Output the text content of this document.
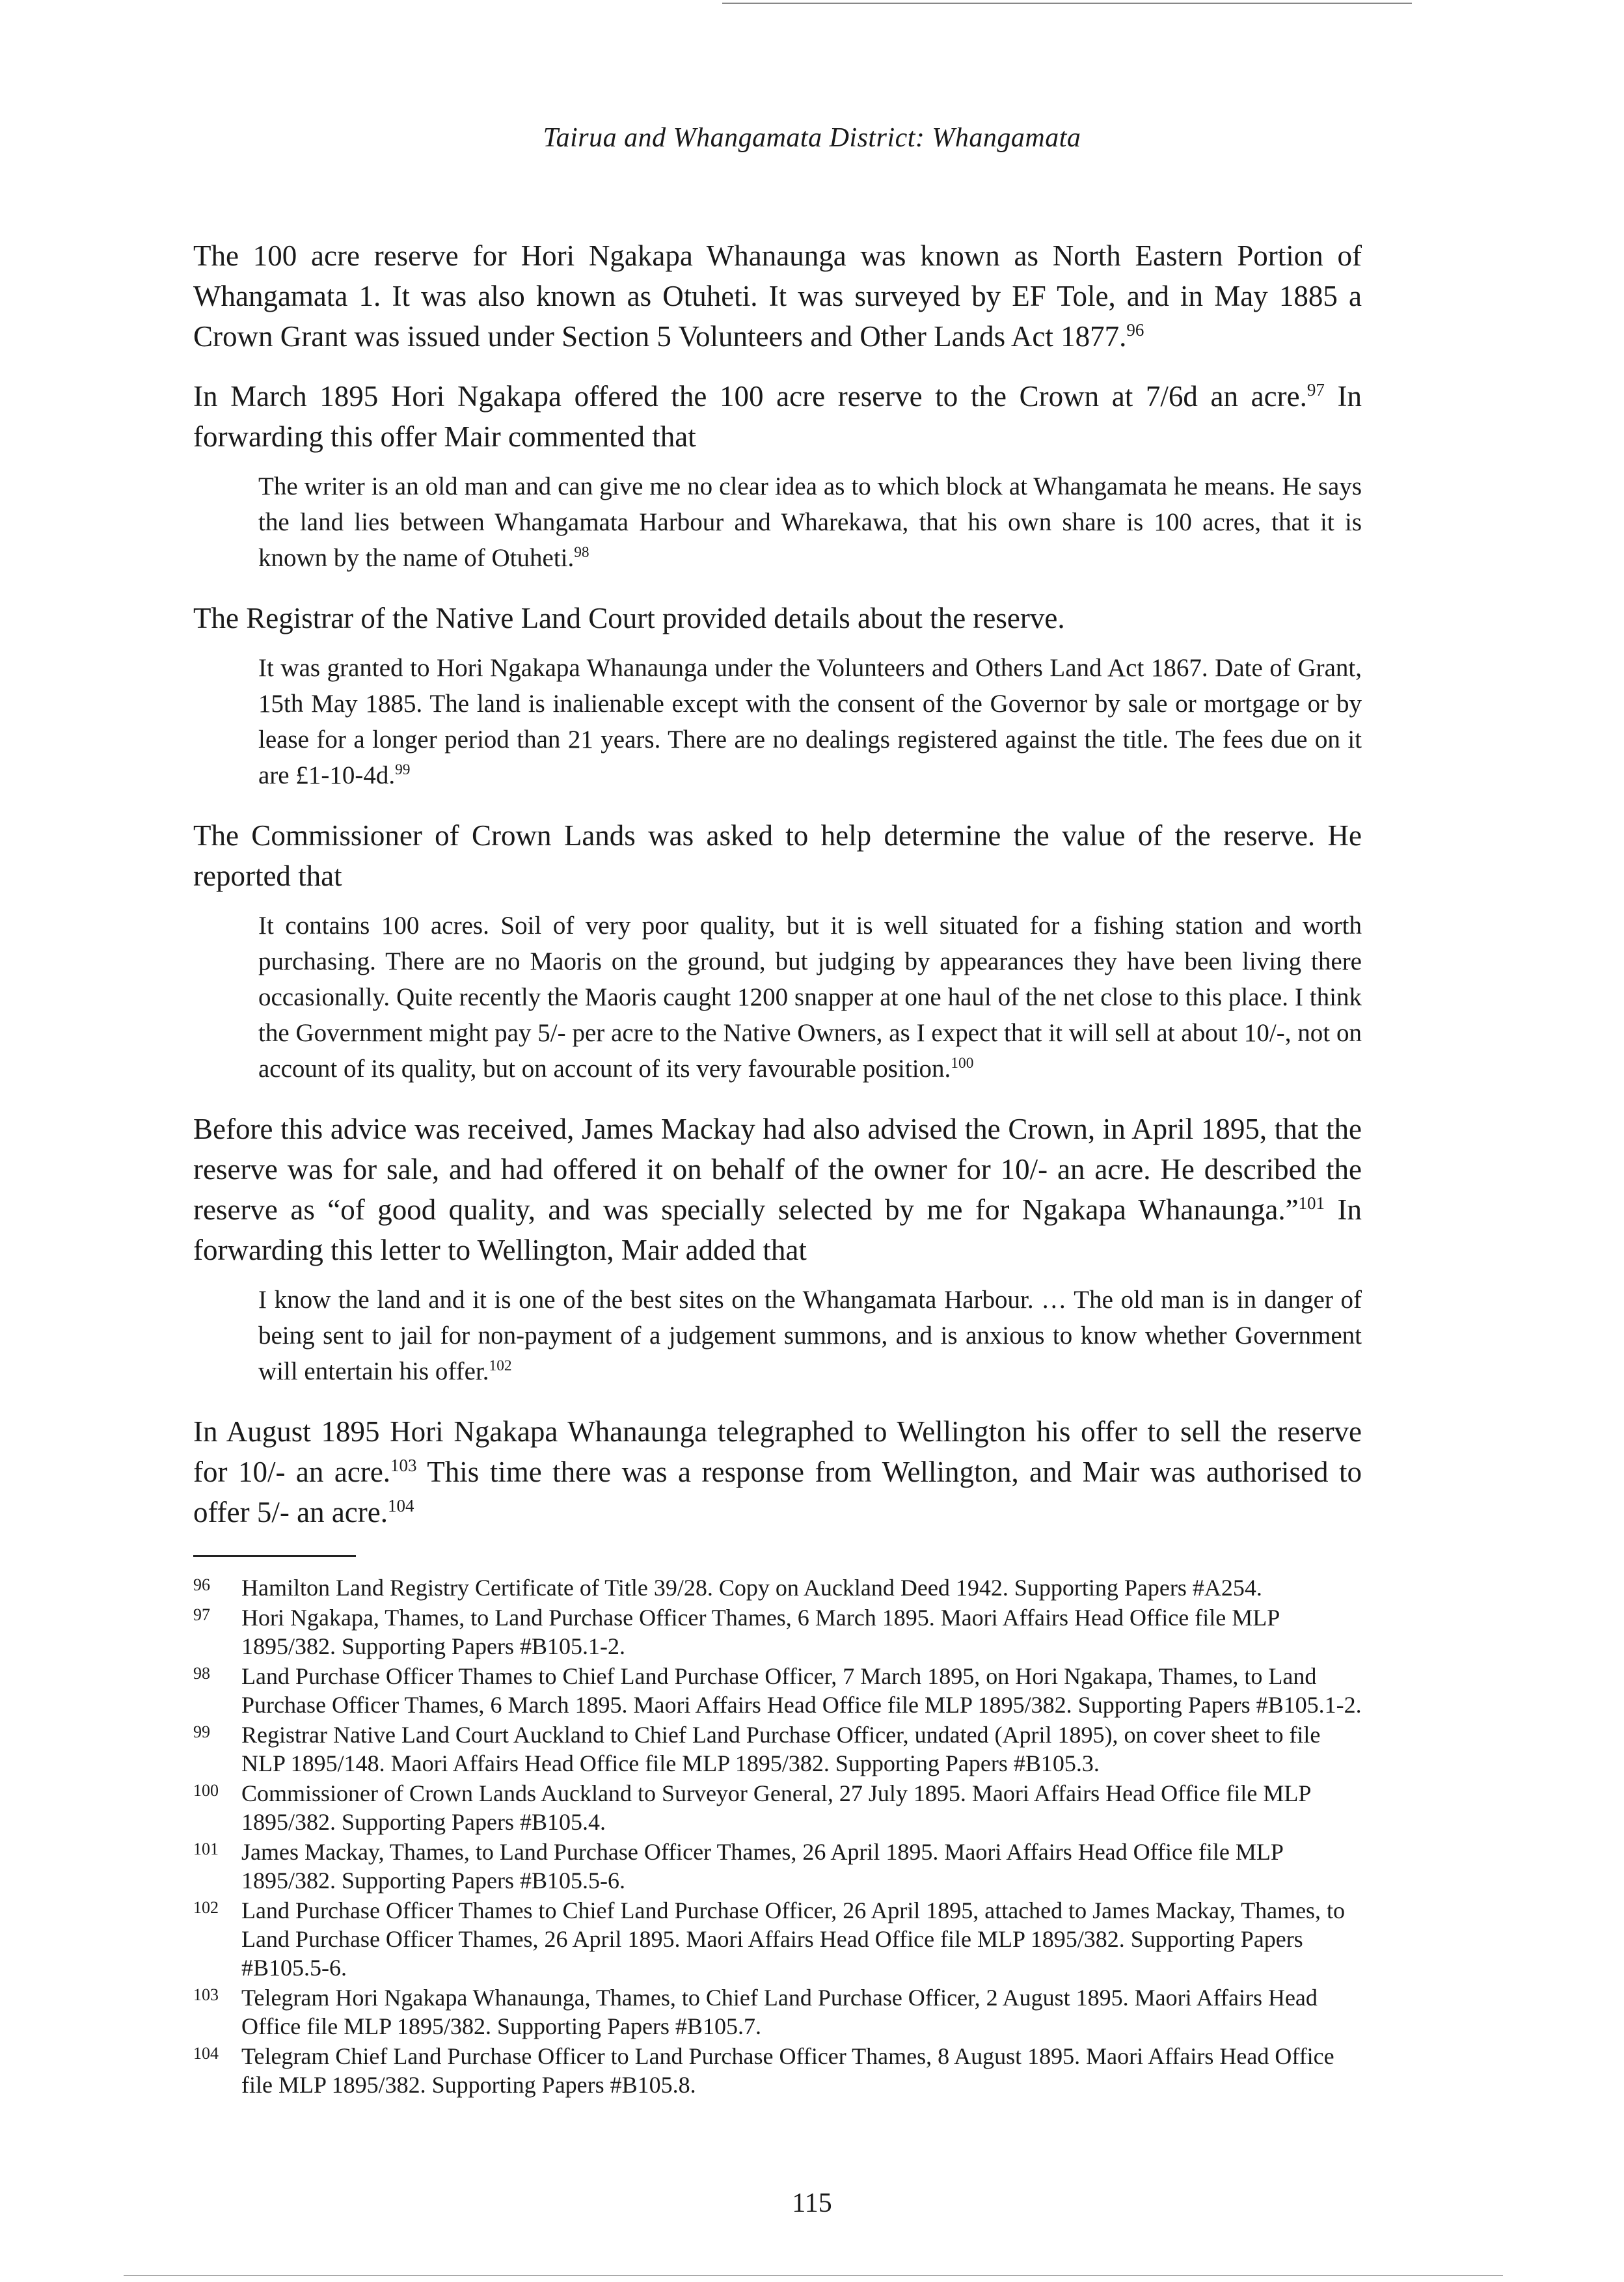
Tairua and Whangamata District: Whangamata

The 100 acre reserve for Hori Ngakapa Whanaunga was known as North Eastern Portion of Whangamata 1. It was also known as Otuheti. It was surveyed by EF Tole, and in May 1885 a Crown Grant was issued under Section 5 Volunteers and Other Lands Act 1877.96

In March 1895 Hori Ngakapa offered the 100 acre reserve to the Crown at 7/6d an acre.$^{97}$ In forwarding this offer Mair commented that

The writer is an old man and can give me no clear idea as to which block at Whangamata he means. He says the land lies between Whangamata Harbour and Wharekawa, that his own share is 100 acres, that it is known by the name of Otuheti.$^{98}$

The Registrar of the Native Land Court provided details about the reserve.

It was granted to Hori Ngakapa Whanaunga under the Volunteers and Others Land Act 1867. Date of Grant, 15th May 1885. The land is inalienable except with the consent of the Governor by sale or mortgage or by lease for a longer period than 21 years. There are no dealings registered against the title. The fees due on it are £1-10-4d.$^{99}$

The Commissioner of Crown Lands was asked to help determine the value of the reserve. He reported that

It contains 100 acres. Soil of very poor quality, but it is well situated for a fishing station and worth purchasing. There are no Maoris on the ground, but judging by appearances they have been living there occasionally. Quite recently the Maoris caught 1200 snapper at one haul of the net close to this place. I think the Government might pay 5/- per acre to the Native Owners, as I expect that it will sell at about 10/-, not on account of its quality, but on account of its very favourable position.$^{100}$

Before this advice was received, James Mackay had also advised the Crown, in April 1895, that the reserve was for sale, and had offered it on behalf of the owner for 10/- an acre. He described the reserve as “of good quality, and was specially selected by me for Ngakapa Whanaunga.”$^{101}$ In forwarding this letter to Wellington, Mair added that

I know the land and it is one of the best sites on the Whangamata Harbour. … The old man is in danger of being sent to jail for non-payment of a judgement summons, and is anxious to know whether Government will entertain his offer.$^{102}$

In August 1895 Hori Ngakapa Whanaunga telegraphed to Wellington his offer to sell the reserve for 10/- an acre.$^{103}$ This time there was a response from Wellington, and Mair was authorised to offer 5/- an acre.$^{104}$

96	Hamilton Land Registry Certificate of Title 39/28. Copy on Auckland Deed 1942. Supporting Papers #A254.
97	Hori Ngakapa, Thames, to Land Purchase Officer Thames, 6 March 1895. Maori Affairs Head Office file MLP 1895/382. Supporting Papers #B105.1-2.
98	Land Purchase Officer Thames to Chief Land Purchase Officer, 7 March 1895, on Hori Ngakapa, Thames, to Land Purchase Officer Thames, 6 March 1895. Maori Affairs Head Office file MLP 1895/382. Supporting Papers #B105.1-2.
99	Registrar Native Land Court Auckland to Chief Land Purchase Officer, undated (April 1895), on cover sheet to file NLP 1895/148. Maori Affairs Head Office file MLP 1895/382. Supporting Papers #B105.3.
100 Commissioner of Crown Lands Auckland to Surveyor General, 27 July 1895. Maori Affairs Head Office file MLP 1895/382. Supporting Papers #B105.4.
101 James Mackay, Thames, to Land Purchase Officer Thames, 26 April 1895. Maori Affairs Head Office file MLP 1895/382. Supporting Papers #B105.5-6.
102 Land Purchase Officer Thames to Chief Land Purchase Officer, 26 April 1895, attached to James Mackay, Thames, to Land Purchase Officer Thames, 26 April 1895. Maori Affairs Head Office file MLP 1895/382. Supporting Papers #B105.5-6.
103 Telegram Hori Ngakapa Whanaunga, Thames, to Chief Land Purchase Officer, 2 August 1895. Maori Affairs Head Office file MLP 1895/382. Supporting Papers #B105.7.
104 Telegram Chief Land Purchase Officer to Land Purchase Officer Thames, 8 August 1895. Maori Affairs Head Office file MLP 1895/382. Supporting Papers #B105.8.
115
